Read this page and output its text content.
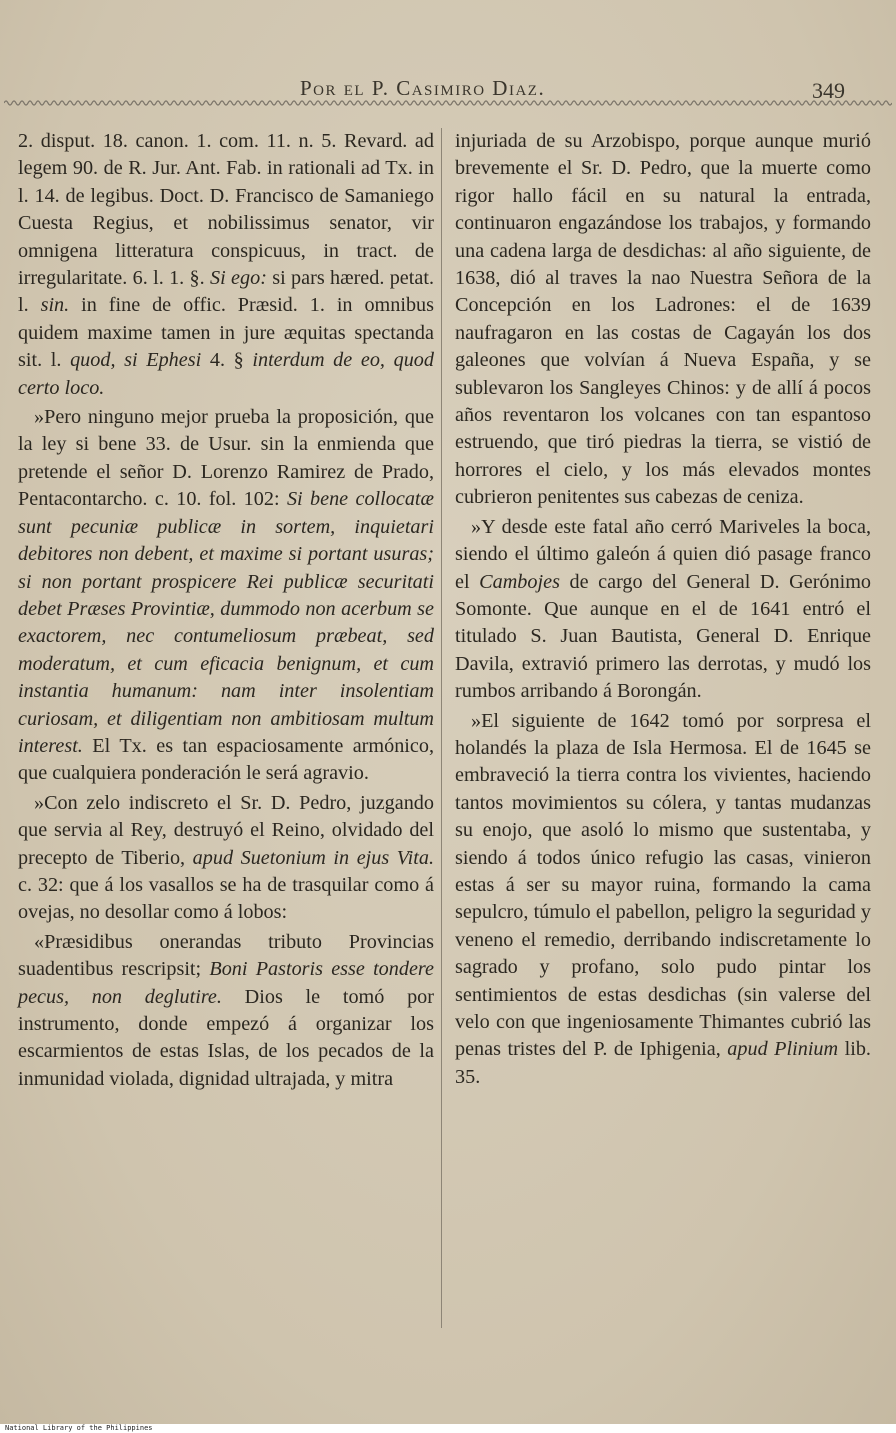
Por el P. Casimiro Diaz.	349

2. disput. 18. canon. 1. com. 11. n. 5. Revard. ad legem 90. de R. Jur. Ant. Fab. in rationali ad Tx. in l. 14. de legibus. Doct. D. Francisco de Samaniego Cuesta Regius, et nobilissimus senator, vir omnigena litteratura conspicuus, in tract. de irregularitate. 6. l. 1. §. Si ego: si pars hæred. petat. l. sin. in fine de offic. Præsid. 1. in omnibus quidem maxime tamen in jure æquitas spectanda sit. l. quod, si Ephesi 4. § interdum de eo, quod certo loco.

»Pero ninguno mejor prueba la proposición, que la ley si bene 33. de Usur. sin la enmienda que pretende el señor D. Lorenzo Ramirez de Prado, Pentacontarcho. c. 10. fol. 102: Si bene collocatæ sunt pecuniæ publicæ in sortem, inquietari debitores non debent, et maxime si portant usuras; si non portant prospicere Rei publicæ securitati debet Præses Provintiæ, dummodo non acerbum se exactorem, nec contumeliosum præbeat, sed moderatum, et cum eficacia benignum, et cum instantia humanum: nam inter insolentiam curiosam, et diligentiam non ambitiosam multum interest. El Tx. es tan espaciosamente armónico, que cualquiera ponderación le será agravio.

»Con zelo indiscreto el Sr. D. Pedro, juzgando que servia al Rey, destruyó el Reino, olvidado del precepto de Tiberio, apud Suetonium in ejus Vita. c. 32: que á los vasallos se ha de trasquilar como á ovejas, no desollar como á lobos:

«Præsidibus onerandas tributo Provincias suadentibus rescripsit; Boni Pastoris esse tondere pecus, non deglutire. Dios le tomó por instrumento, donde empezó á organizar los escarmientos de estas Islas, de los pecados de la inmunidad violada, dignidad ultrajada, y mitra

injuriada de su Arzobispo, porque aunque murió brevemente el Sr. D. Pedro, que la muerte como rigor hallo fácil en su natural la entrada, continuaron engazándose los trabajos, y formando una cadena larga de desdichas: al año siguiente, de 1638, dió al traves la nao Nuestra Señora de la Concepción en los Ladrones: el de 1639 naufragaron en las costas de Cagayán los dos galeones que volvían á Nueva España, y se sublevaron los Sangleyes Chinos: y de allí á pocos años reventaron los volcanes con tan espantoso estruendo, que tiró piedras la tierra, se vistió de horrores el cielo, y los más elevados montes cubrieron penitentes sus cabezas de ceniza.

»Y desde este fatal año cerró Mariveles la boca, siendo el último galeón á quien dió pasage franco el Cambojes de cargo del General D. Gerónimo Somonte. Que aunque en el de 1641 entró el titulado S. Juan Bautista, General D. Enrique Davila, extravió primero las derrotas, y mudó los rumbos arribando á Borongán.

»El siguiente de 1642 tomó por sorpresa el holandés la plaza de Isla Hermosa. El de 1645 se embraveció la tierra contra los vivientes, haciendo tantos movimientos su cólera, y tantas mudanzas su enojo, que asoló lo mismo que sustentaba, y siendo á todos único refugio las casas, vinieron estas á ser su mayor ruina, formando la cama sepulcro, túmulo el pabellon, peligro la seguridad y veneno el remedio, derribando indiscretamente lo sagrado y profano, solo pudo pintar los sentimientos de estas desdichas (sin valerse del velo con que ingeniosamente Thimantes cubrió las penas tristes del P. de Iphigenia, apud Plinium lib. 35.

National Library of the Philippines
